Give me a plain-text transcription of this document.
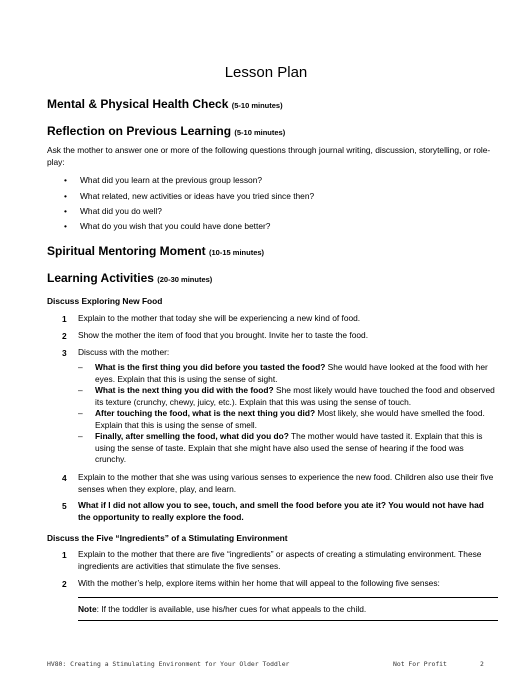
Lesson Plan
Mental & Physical Health Check (5-10 minutes)
Reflection on Previous Learning (5-10 minutes)
Ask the mother to answer one or more of the following questions through journal writing, discussion, storytelling, or role-play:
• What did you learn at the previous group lesson?
• What related, new activities or ideas have you tried since then?
• What did you do well?
• What do you wish that you could have done better?
Spiritual Mentoring Moment (10-15 minutes)
Learning Activities (20-30 minutes)
Discuss Exploring New Food
1 Explain to the mother that today she will be experiencing a new kind of food.
2 Show the mother the item of food that you brought. Invite her to taste the food.
3 Discuss with the mother:
– What is the first thing you did before you tasted the food? She would have looked at the food with her eyes. Explain that this is using the sense of sight.
– What is the next thing you did with the food? She most likely would have touched the food and observed its texture (crunchy, chewy, juicy, etc.). Explain that this was using the sense of touch.
– After touching the food, what is the next thing you did? Most likely, she would have smelled the food. Explain that this is using the sense of smell.
– Finally, after smelling the food, what did you do? The mother would have tasted it. Explain that this is using the sense of taste. Explain that she might have also used the sense of hearing if the food was crunchy.
4 Explain to the mother that she was using various senses to experience the new food. Children also use their five senses when they explore, play, and learn.
5 What if I did not allow you to see, touch, and smell the food before you ate it? You would not have had the opportunity to really explore the food.
Discuss the Five “Ingredients” of a Stimulating Environment
1 Explain to the mother that there are five “ingredients” or aspects of creating a stimulating environment. These ingredients are activities that stimulate the five senses.
2 With the mother’s help, explore items within her home that will appeal to the following five senses:
Note: If the toddler is available, use his/her cues for what appeals to the child.
HV80: Creating a Stimulating Environment for Your Older Toddler	Not For Profit	2
